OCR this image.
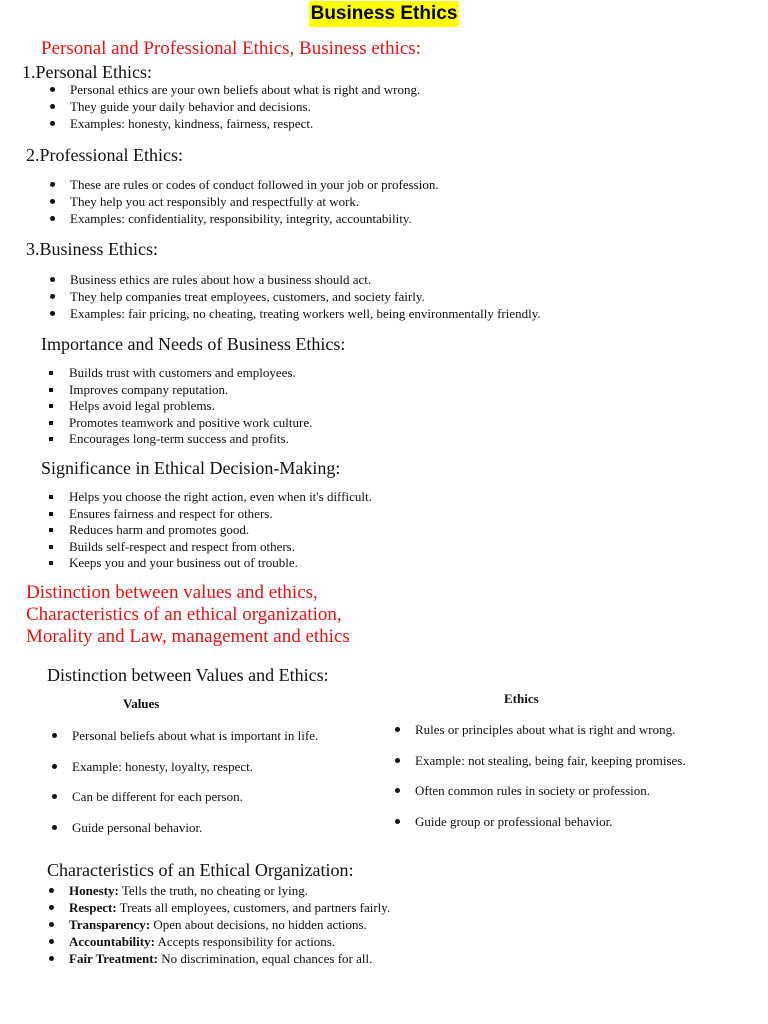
Business Ethics
Personal and Professional Ethics, Business ethics:
1.Personal Ethics:
Personal ethics are your own beliefs about what is right and wrong.
They guide your daily behavior and decisions.
Examples: honesty, kindness, fairness, respect.
2.Professional Ethics:
These are rules or codes of conduct followed in your job or profession.
They help you act responsibly and respectfully at work.
Examples: confidentiality, responsibility, integrity, accountability.
3.Business Ethics:
Business ethics are rules about how a business should act.
They help companies treat employees, customers, and society fairly.
Examples: fair pricing, no cheating, treating workers well, being environmentally friendly.
Importance and Needs of Business Ethics:
Builds trust with customers and employees.
Improves company reputation.
Helps avoid legal problems.
Promotes teamwork and positive work culture.
Encourages long-term success and profits.
Significance in Ethical Decision-Making:
Helps you choose the right action, even when it's difficult.
Ensures fairness and respect for others.
Reduces harm and promotes good.
Builds self-respect and respect from others.
Keeps you and your business out of trouble.
Distinction between values and ethics,
Characteristics of an ethical organization,
Morality and Law, management and ethics
Distinction between Values and Ethics:
Values
Personal beliefs about what is important in life.
Example: honesty, loyalty, respect.
Can be different for each person.
Guide personal behavior.
Ethics
Rules or principles about what is right and wrong.
Example: not stealing, being fair, keeping promises.
Often common rules in society or profession.
Guide group or professional behavior.
Characteristics of an Ethical Organization:
Honesty: Tells the truth, no cheating or lying.
Respect: Treats all employees, customers, and partners fairly.
Transparency: Open about decisions, no hidden actions.
Accountability: Accepts responsibility for actions.
Fair Treatment: No discrimination, equal chances for all.
